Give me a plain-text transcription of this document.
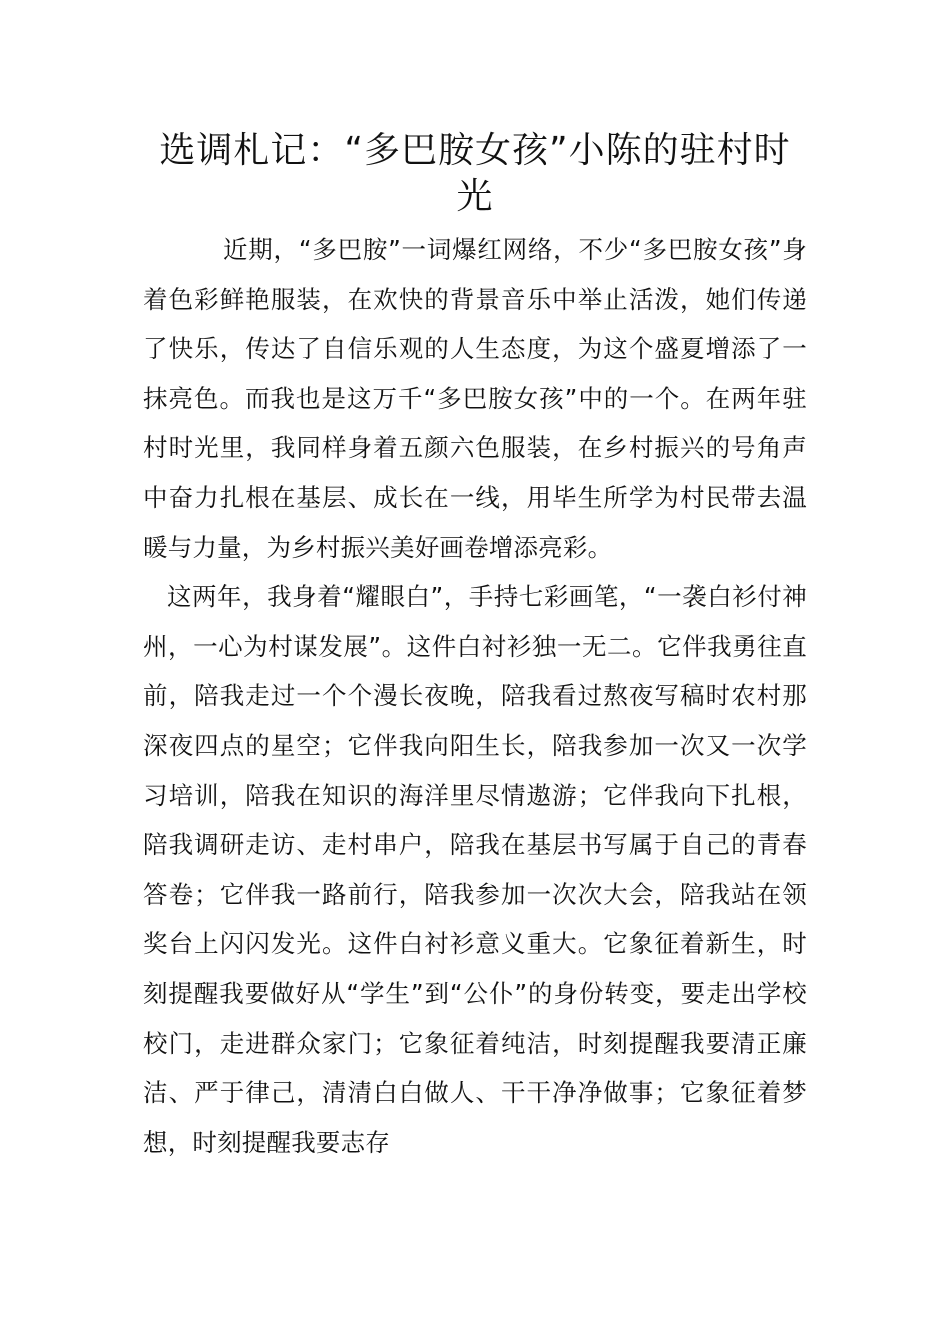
选调札记：“多巴胺女孩”小陈的驻村时光

近期，“多巴胺”一词爆红网络，不少“多巴胺女孩”身着色彩鲜艳服装，在欢快的背景音乐中举止活泼，她们传递了快乐，传达了自信乐观的人生态度，为这个盛夏增添了一抹亮色。而我也是这万千“多巴胺女孩”中的一个。在两年驻村时光里，我同样身着五颜六色服装，在乡村振兴的号角声中奋力扎根在基层、成长在一线，用毕生所学为村民带去温暖与力量，为乡村振兴美好画卷增添亮彩。

这两年，我身着“耀眼白”，手持七彩画笔，“一袭白衫付神州，一心为村谋发展”。这件白衬衫独一无二。它伴我勇往直前，陪我走过一个个漫长夜晚，陪我看过熬夜写稿时农村那深夜四点的星空；它伴我向阳生长，陪我参加一次又一次学习培训，陪我在知识的海洋里尽情遨游；它伴我向下扎根，陪我调研走访、走村串户，陪我在基层书写属于自己的青春答卷；它伴我一路前行，陪我参加一次次大会，陪我站在领奖台上闪闪发光。这件白衬衫意义重大。它象征着新生，时刻提醒我要做好从“学生”到“公仆”的身份转变，要走出学校校门，走进群众家门；它象征着纯洁，时刻提醒我要清正廉洁、严于律己，清清白白做人、干干净净做事；它象征着梦想，时刻提醒我要志存
